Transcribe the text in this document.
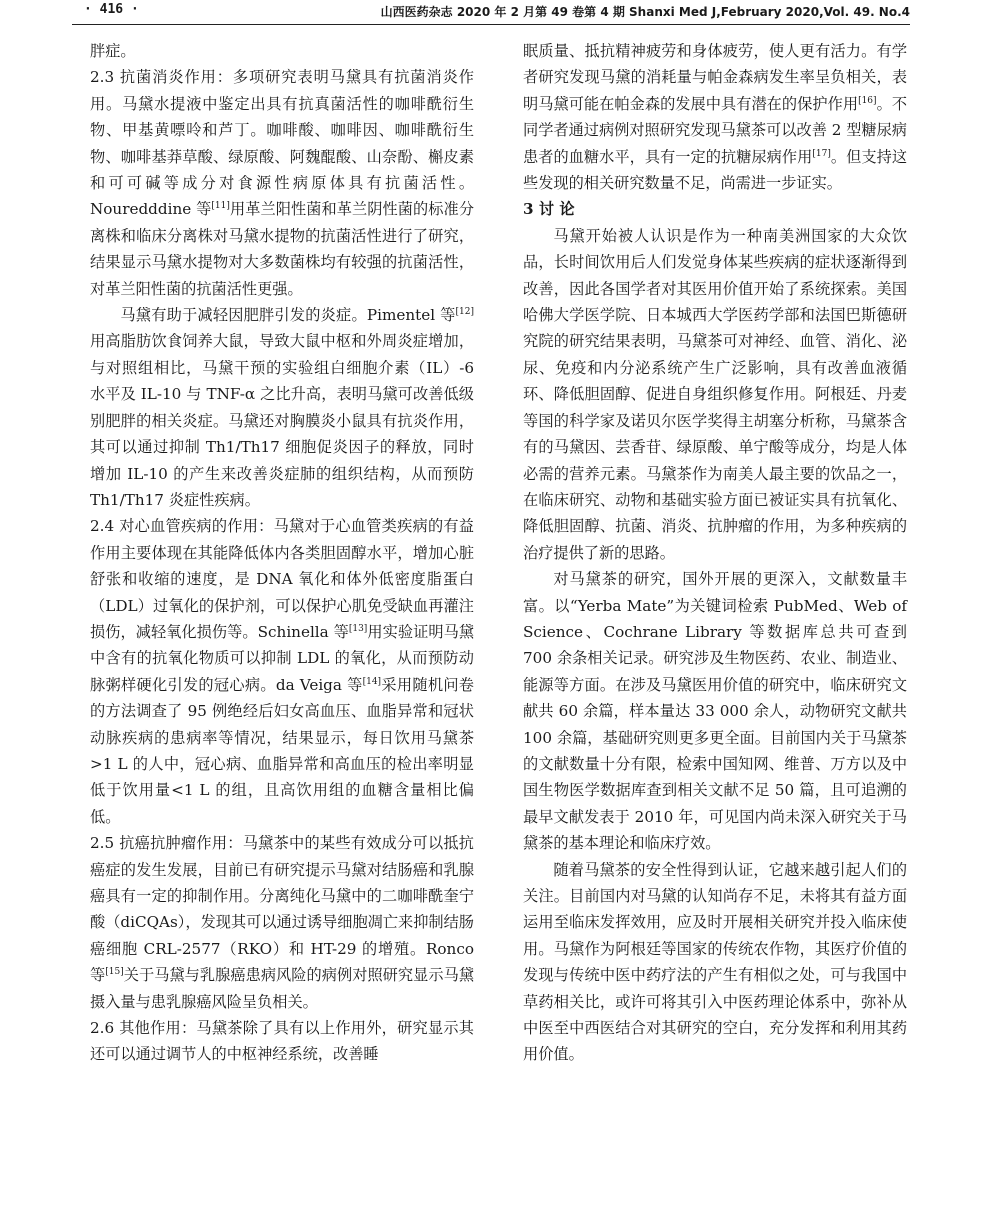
· 416 ·	山西医药杂志 2020 年 2 月第 49 卷第 4 期 Shanxi Med J,February 2020,Vol. 49. No.4

胖症。

2.3 抗菌消炎作用：多项研究表明马黛具有抗菌消炎作用。马黛水提液中鉴定出具有抗真菌活性的咖啡酰衍生物、甲基黄嘌呤和芦丁。咖啡酸、咖啡因、咖啡酰衍生物、咖啡基莽草酸、绿原酸、阿魏醌酸、山奈酚、槲皮素和可可碱等成分对食源性病原体具有抗菌活性。Nouredddine 等[11]用革兰阳性菌和革兰阴性菌的标准分离株和临床分离株对马黛水提物的抗菌活性进行了研究，结果显示马黛水提物对大多数菌株均有较强的抗菌活性，对革兰阳性菌的抗菌活性更强。

马黛有助于减轻因肥胖引发的炎症。Pimentel 等[12]用高脂肪饮食饲养大鼠，导致大鼠中枢和外周炎症增加，与对照组相比，马黛干预的实验组白细胞介素（IL）-6 水平及 IL-10 与 TNF-α 之比升高，表明马黛可改善低级别肥胖的相关炎症。马黛还对胸膜炎小鼠具有抗炎作用，其可以通过抑制 Th1/Th17 细胞促炎因子的释放，同时增加 IL-10 的产生来改善炎症肺的组织结构，从而预防 Th1/Th17 炎症性疾病。

2.4 对心血管疾病的作用：马黛对于心血管类疾病的有益作用主要体现在其能降低体内各类胆固醇水平，增加心脏舒张和收缩的速度，是 DNA 氧化和体外低密度脂蛋白（LDL）过氧化的保护剂，可以保护心肌免受缺血再灌注损伤，减轻氧化损伤等。Schinella 等[13]用实验证明马黛中含有的抗氧化物质可以抑制 LDL 的氧化，从而预防动脉粥样硬化引发的冠心病。da Veiga 等[14]采用随机问卷的方法调查了 95 例绝经后妇女高血压、血脂异常和冠状动脉疾病的患病率等情况，结果显示，每日饮用马黛茶>1 L 的人中，冠心病、血脂异常和高血压的检出率明显低于饮用量<1 L 的组，且高饮用组的血糖含量相比偏低。

2.5 抗癌抗肿瘤作用：马黛茶中的某些有效成分可以抵抗癌症的发生发展，目前已有研究提示马黛对结肠癌和乳腺癌具有一定的抑制作用。分离纯化马黛中的二咖啡酰奎宁酸（diCQAs），发现其可以通过诱导细胞凋亡来抑制结肠癌细胞 CRL-2577（RKO）和 HT-29 的增殖。Ronco 等[15]关于马黛与乳腺癌患病风险的病例对照研究显示马黛摄入量与患乳腺癌风险呈负相关。

2.6 其他作用：马黛茶除了具有以上作用外，研究显示其还可以通过调节人的中枢神经系统，改善睡

眠质量、抵抗精神疲劳和身体疲劳，使人更有活力。有学者研究发现马黛的消耗量与帕金森病发生率呈负相关，表明马黛可能在帕金森的发展中具有潜在的保护作用[16]。不同学者通过病例对照研究发现马黛茶可以改善 2 型糖尿病患者的血糖水平，具有一定的抗糖尿病作用[17]。但支持这些发现的相关研究数量不足，尚需进一步证实。

3 讨 论

马黛开始被人认识是作为一种南美洲国家的大众饮品，长时间饮用后人们发觉身体某些疾病的症状逐渐得到改善，因此各国学者对其医用价值开始了系统探索。美国哈佛大学医学院、日本城西大学医药学部和法国巴斯德研究院的研究结果表明，马黛茶可对神经、血管、消化、泌尿、免疫和内分泌系统产生广泛影响，具有改善血液循环、降低胆固醇、促进自身组织修复作用。阿根廷、丹麦等国的科学家及诺贝尔医学奖得主胡塞分析称，马黛茶含有的马黛因、芸香苷、绿原酸、单宁酸等成分，均是人体必需的营养元素。马黛茶作为南美人最主要的饮品之一，在临床研究、动物和基础实验方面已被证实具有抗氧化、降低胆固醇、抗菌、消炎、抗肿瘤的作用，为多种疾病的治疗提供了新的思路。

对马黛茶的研究，国外开展的更深入，文献数量丰富。以“Yerba Mate”为关键词检索 PubMed、Web of Science、Cochrane Library 等数据库总共可查到 700 余条相关记录。研究涉及生物医药、农业、制造业、能源等方面。在涉及马黛医用价值的研究中，临床研究文献共 60 余篇，样本量达 33 000 余人，动物研究文献共 100 余篇，基础研究则更多更全面。目前国内关于马黛茶的文献数量十分有限，检索中国知网、维普、万方以及中国生物医学数据库查到相关文献不足 50 篇，且可追溯的最早文献发表于 2010 年，可见国内尚未深入研究关于马黛茶的基本理论和临床疗效。

随着马黛茶的安全性得到认证，它越来越引起人们的关注。目前国内对马黛的认知尚存不足，未将其有益方面运用至临床发挥效用，应及时开展相关研究并投入临床使用。马黛作为阿根廷等国家的传统农作物，其医疗价值的发现与传统中医中药疗法的产生有相似之处，可与我国中草药相关比，或许可将其引入中医药理论体系中，弥补从中医至中西医结合对其研究的空白，充分发挥和利用其药用价值。
